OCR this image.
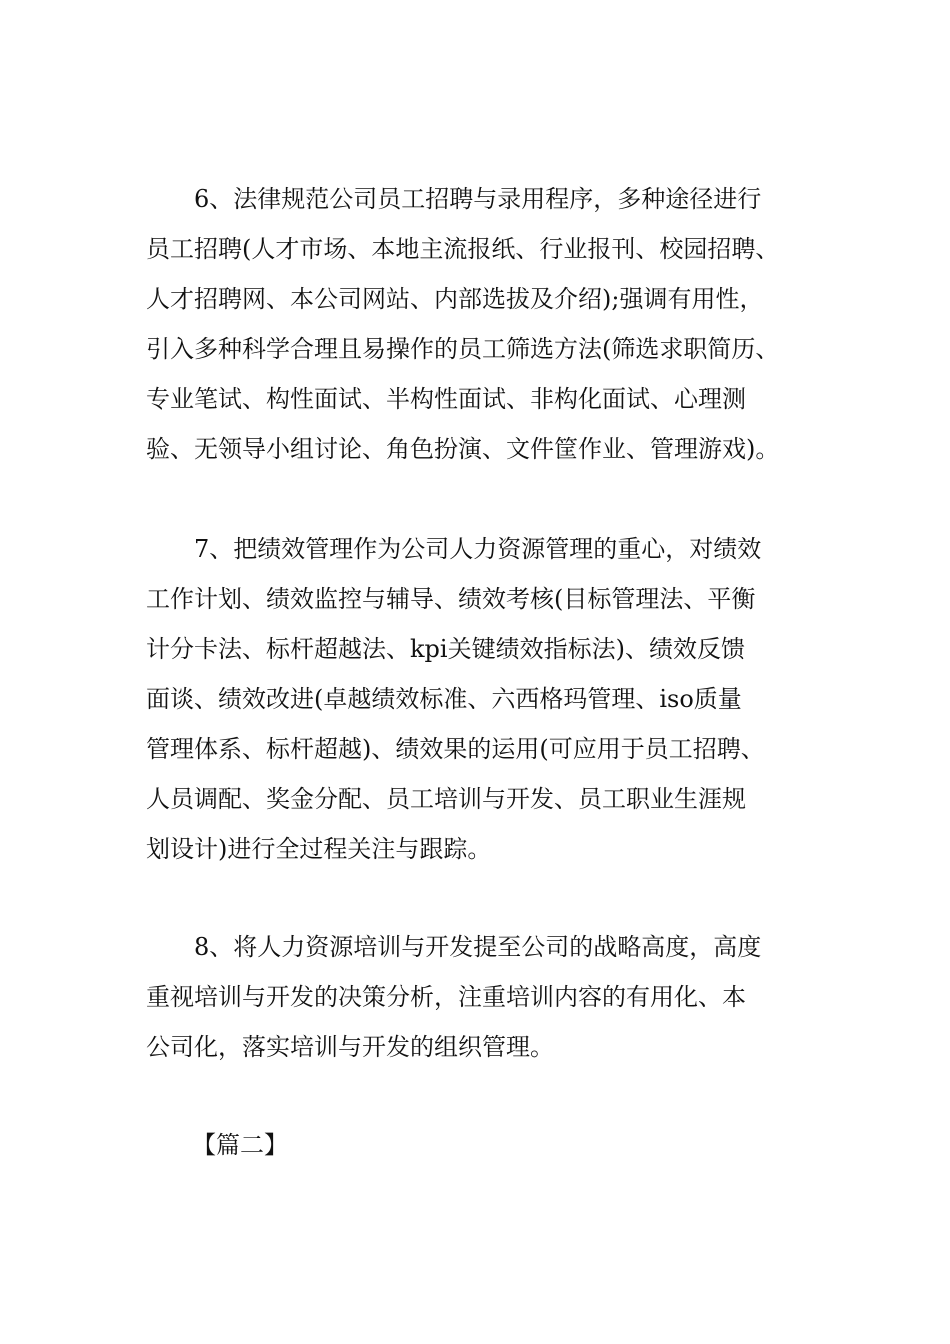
6、法律规范公司员工招聘与录用程序，多种途径进行
员工招聘(人才市场、本地主流报纸、行业报刊、校园招聘、
人才招聘网、本公司网站、内部选拔及介绍);强调有用性，
引入多种科学合理且易操作的员工筛选方法(筛选求职简历、
专业笔试、构性面试、半构性面试、非构化面试、心理测
验、无领导小组讨论、角色扮演、文件筐作业、管理游戏)。
7、把绩效管理作为公司人力资源管理的重心，对绩效
工作计划、绩效监控与辅导、绩效考核(目标管理法、平衡
计分卡法、标杆超越法、kpi关键绩效指标法)、绩效反馈
面谈、绩效改进(卓越绩效标准、六西格玛管理、iso质量
管理体系、标杆超越)、绩效果的运用(可应用于员工招聘、
人员调配、奖金分配、员工培训与开发、员工职业生涯规
划设计)进行全过程关注与跟踪。
8、将人力资源培训与开发提至公司的战略高度，高度
重视培训与开发的决策分析，注重培训内容的有用化、本
公司化，落实培训与开发的组织管理。
【篇二】
